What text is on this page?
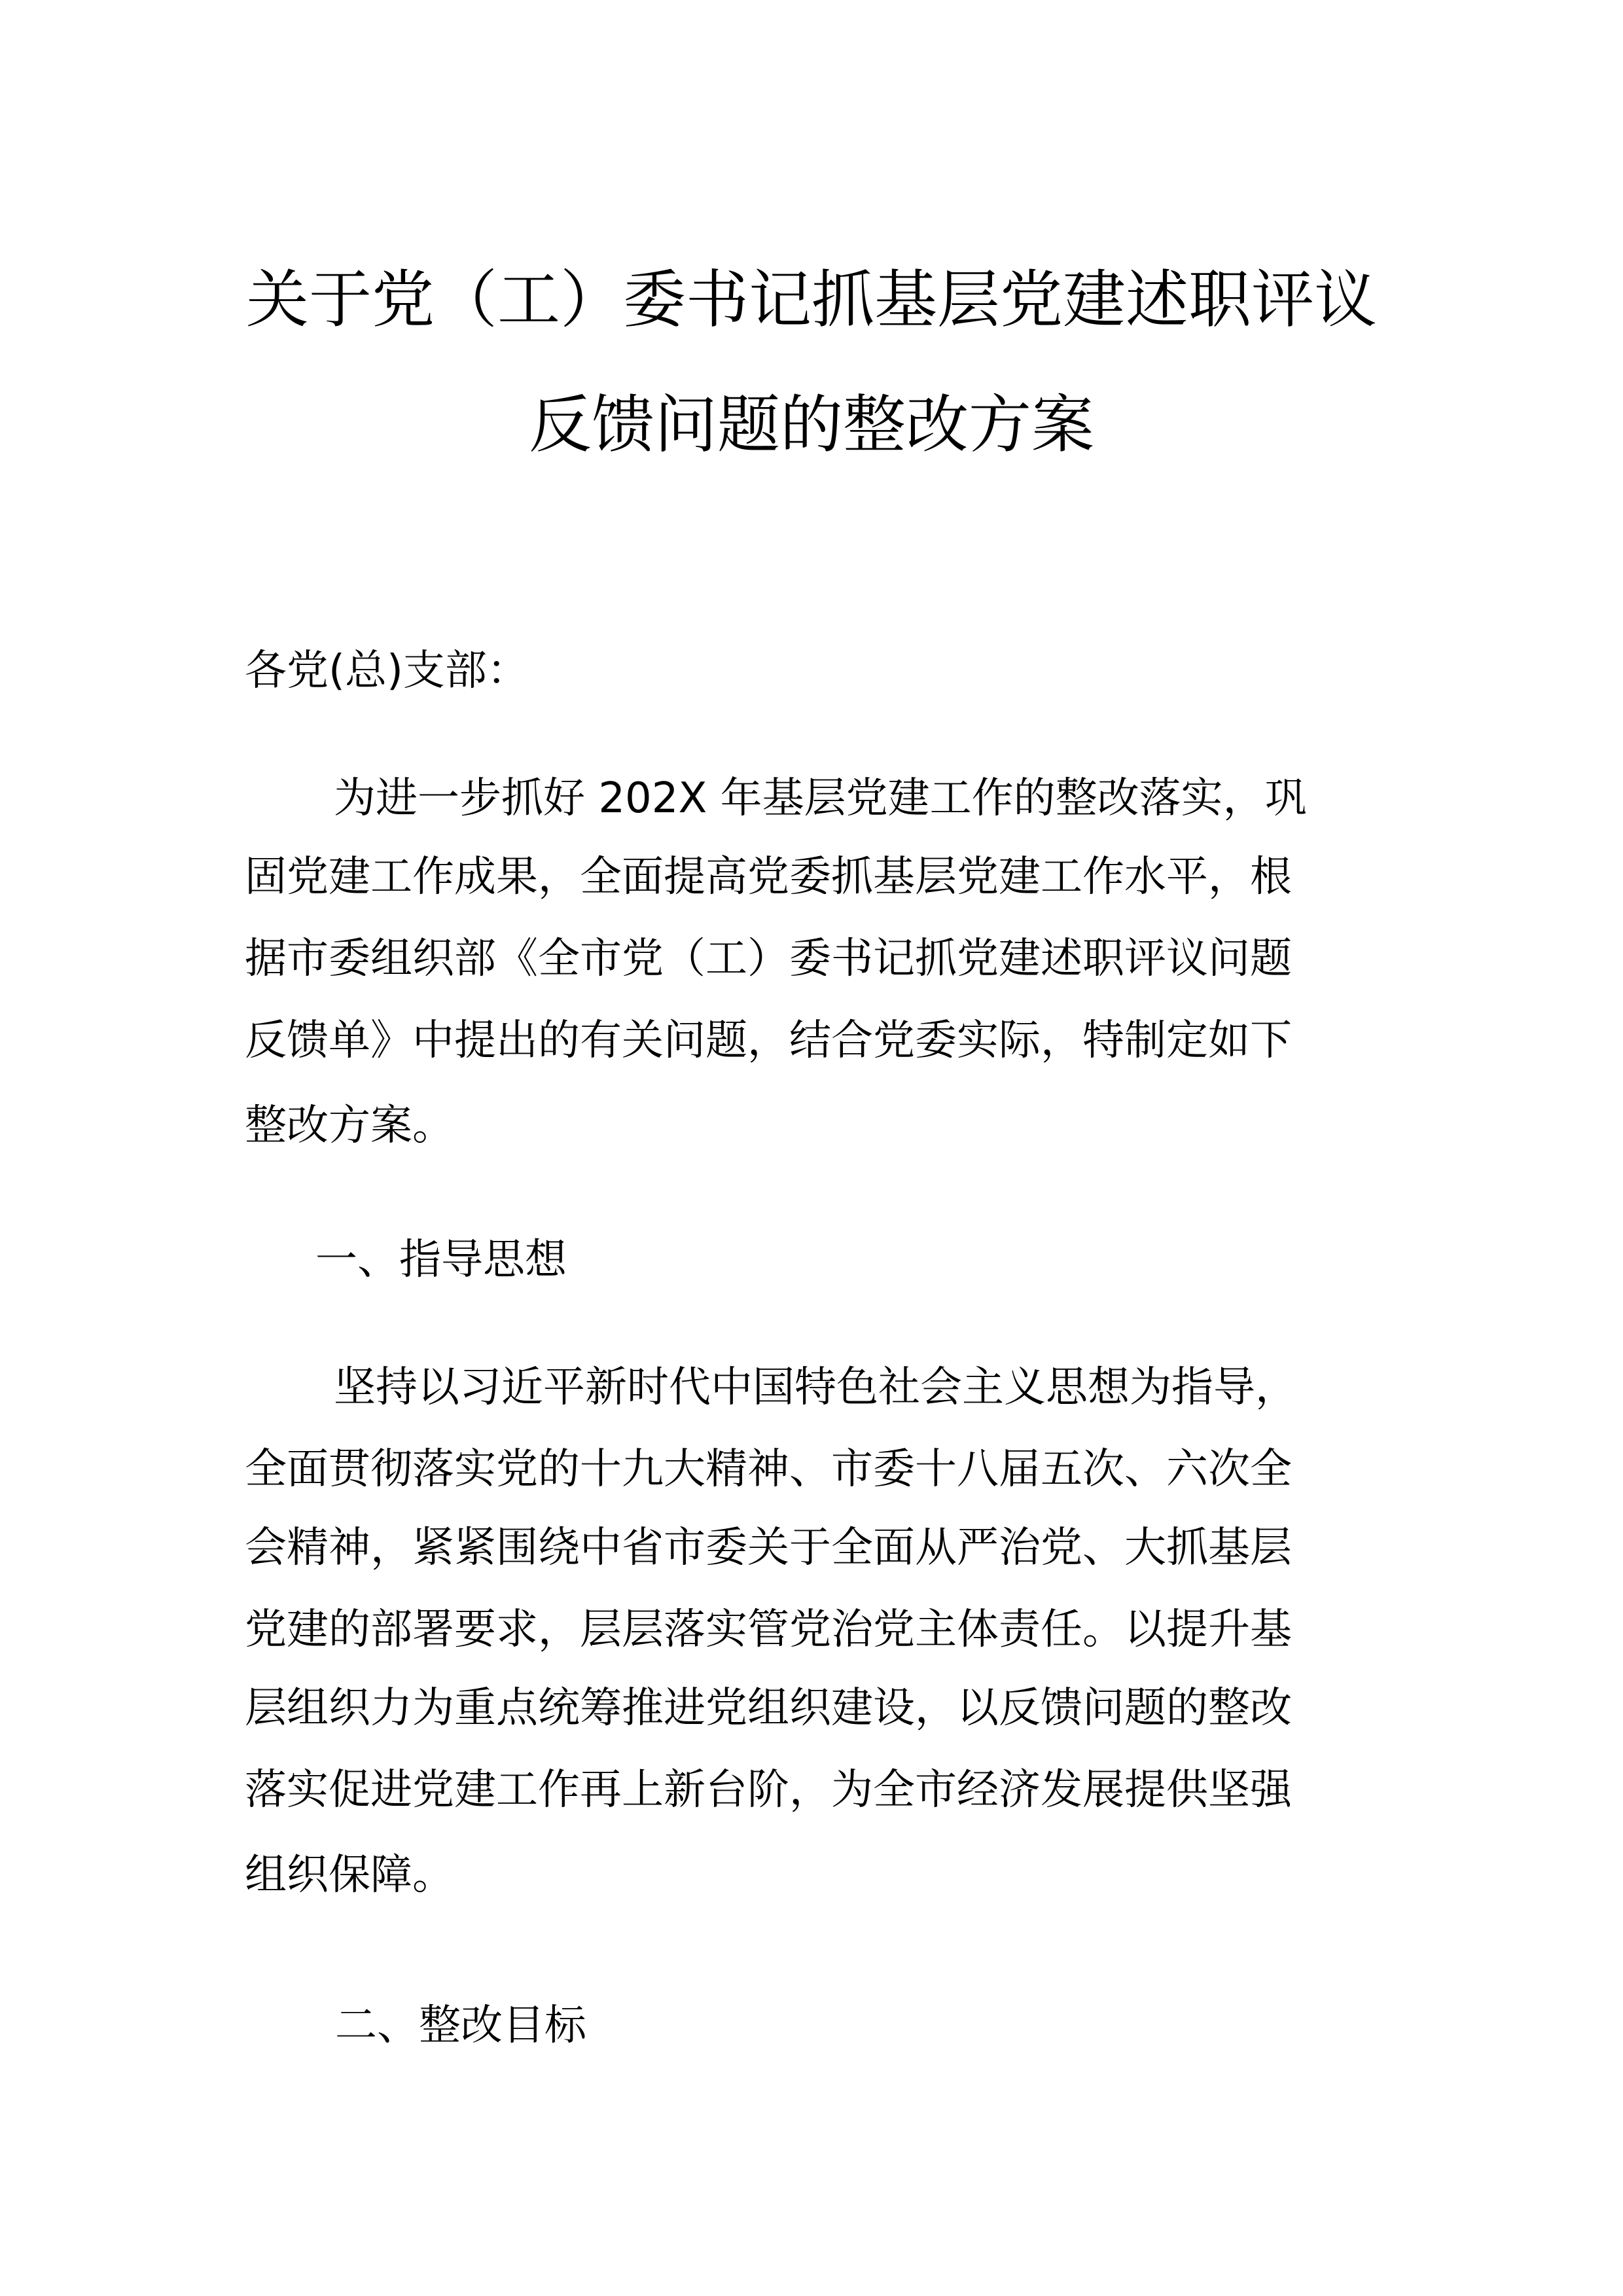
关于党（工）委书记抓基层党建述职评议
反馈问题的整改方案
各党(总)支部：
为进一步抓好 202X 年基层党建工作的整改落实，巩
固党建工作成果，全面提高党委抓基层党建工作水平，根
据市委组织部《全市党（工）委书记抓党建述职评议问题
反馈单》中提出的有关问题，结合党委实际，特制定如下
整改方案。
一、指导思想
坚持以习近平新时代中国特色社会主义思想为指导，
全面贯彻落实党的十九大精神、市委十八届五次、六次全
会精神，紧紧围绕中省市委关于全面从严治党、大抓基层
党建的部署要求，层层落实管党治党主体责任。以提升基
层组织力为重点统筹推进党组织建设，以反馈问题的整改
落实促进党建工作再上新台阶，为全市经济发展提供坚强
组织保障。
二、整改目标
